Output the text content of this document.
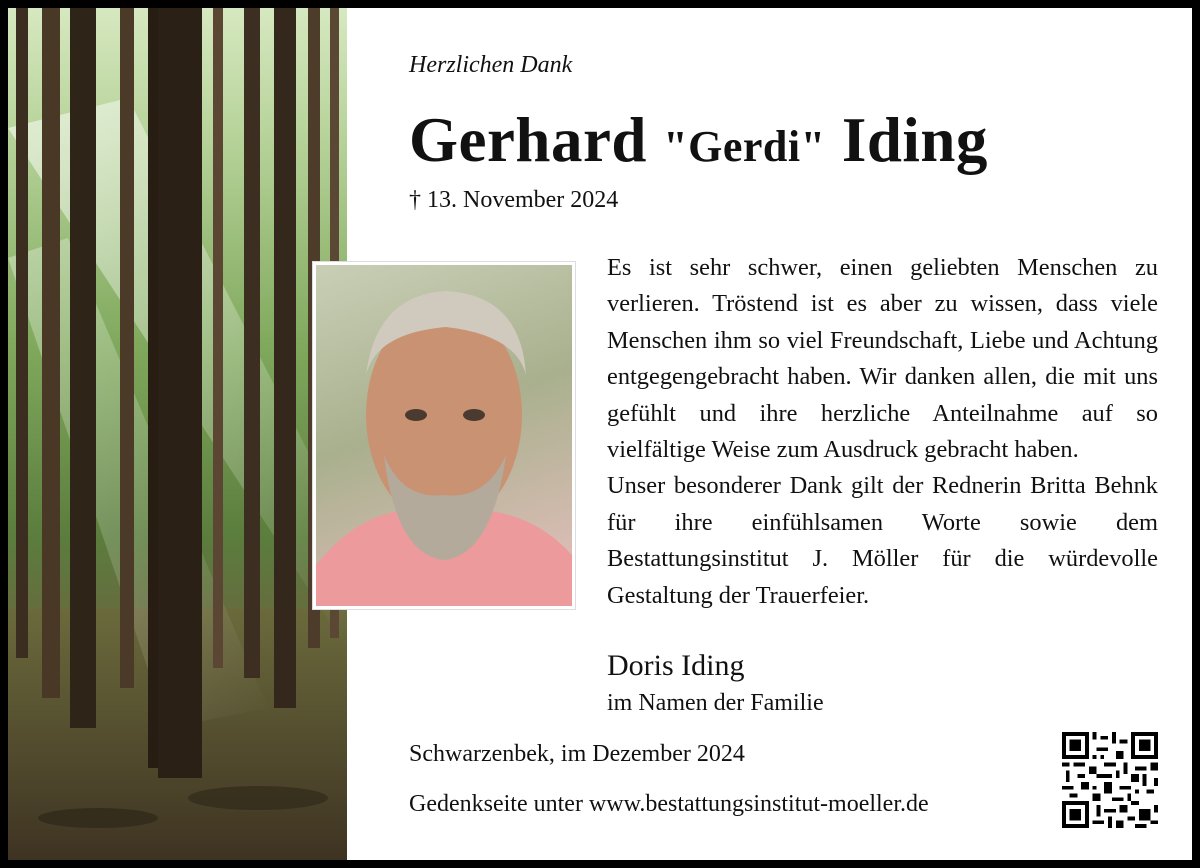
Herzlichen Dank
Gerhard "Gerdi" Iding
† 13. November 2024

Es ist sehr schwer, einen geliebten Menschen zu verlieren. Tröstend ist es aber zu wissen, dass viele Menschen ihm so viel Freundschaft, Liebe und Achtung entgegengebracht haben. Wir danken allen, die mit uns gefühlt und ihre herzliche Anteilnahme auf so vielfältige Weise zum Ausdruck gebracht haben.

Unser besonderer Dank gilt der Rednerin Britta Behnk für ihre einfühlsamen Worte sowie dem Bestattungsinstitut J. Möller für die würdevolle Gestaltung der Trauerfeier.

Doris Iding
im Namen der Familie
Schwarzenbek, im Dezember 2024
Gedenkseite unter www.bestattungsinstitut-moeller.de
